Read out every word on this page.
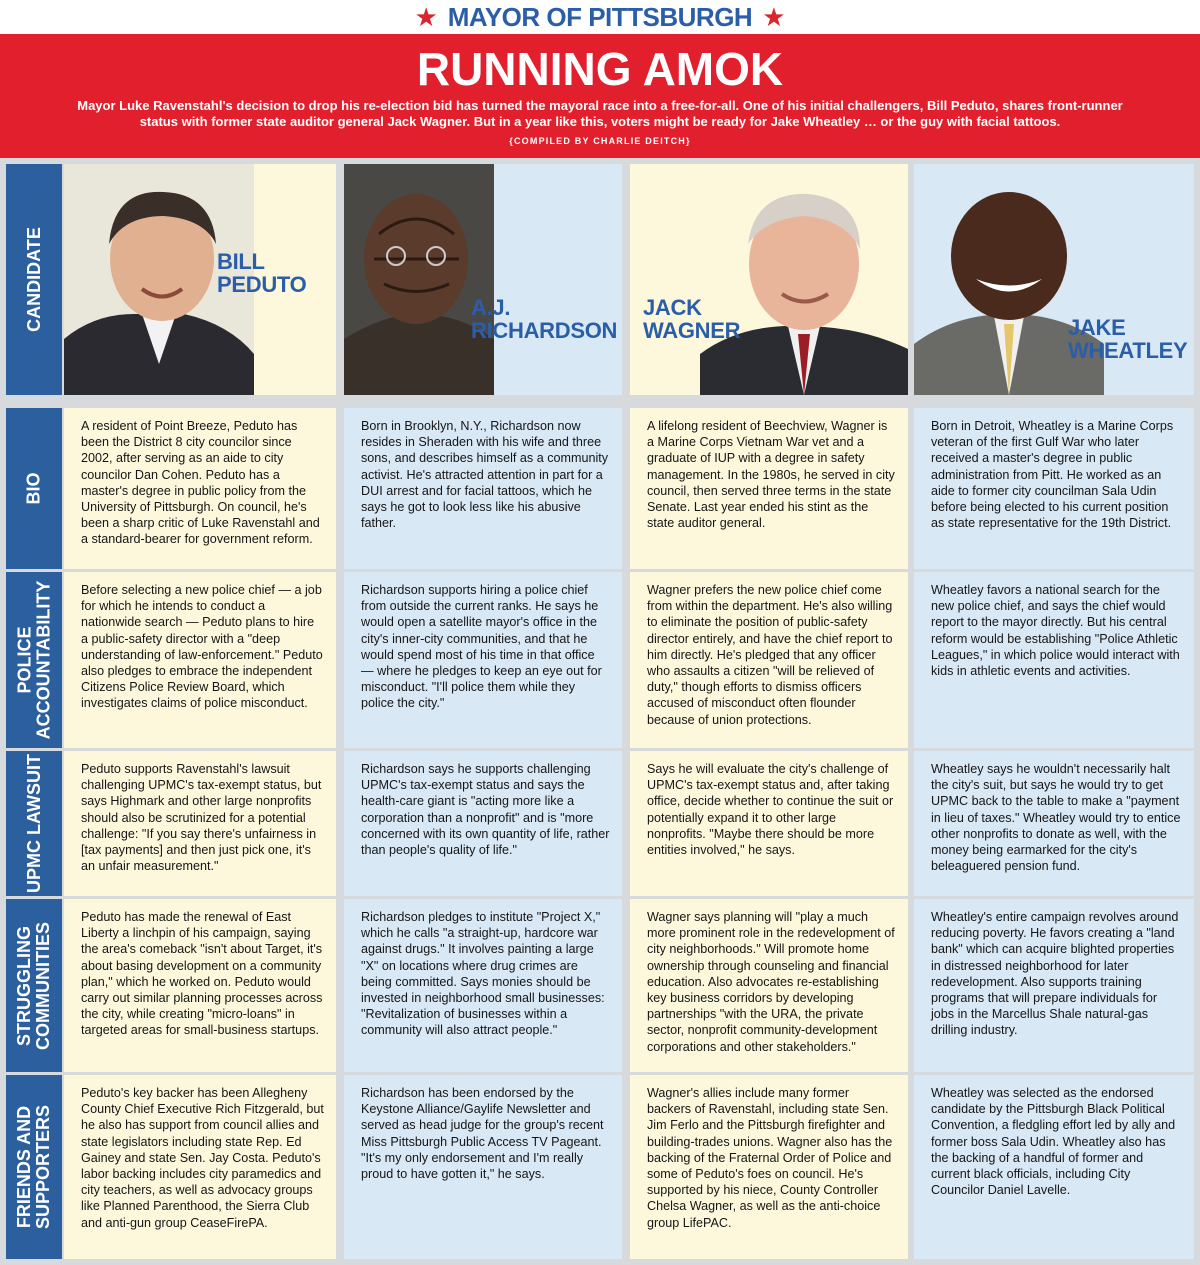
★ MAYOR OF PITTSBURGH ★
RUNNING AMOK
Mayor Luke Ravenstahl's decision to drop his re-election bid has turned the mayoral race into a free-for-all. One of his initial challengers, Bill Peduto, shares front-runner status with former state auditor general Jack Wagner. But in a year like this, voters might be ready for Jake Wheatley … or the guy with facial tattoos.
{COMPILED BY CHARLIE DEITCH}
CANDIDATE
BIO
POLICE ACCOUNTABILITY
UPMC LAWSUIT
STRUGGLING COMMUNITIES
FRIENDS AND SUPPORTERS
BILL
PEDUTO
A.J.
RICHARDSON
JACK
WAGNER	JAKE
WHEATLEY

A resident of Point Breeze, Peduto has been the District 8 city councilor since 2002, after serving as an aide to city councilor Dan Cohen. Peduto has a master's degree in public policy from the University of Pittsburgh. On council, he's been a sharp critic of Luke Ravenstahl and a standard-bearer for government reform.

Born in Brooklyn, N.Y., Richardson now resides in Sheraden with his wife and three sons, and describes himself as a community activist. He's attracted attention in part for a DUI arrest and for facial tattoos, which he says he got to look less like his abusive father.

A lifelong resident of Beechview, Wagner is a Marine Corps Vietnam War vet and a graduate of IUP with a degree in safety management. In the 1980s, he served in city council, then served three terms in the state Senate. Last year ended his stint as the state auditor general.

Born in Detroit, Wheatley is a Marine Corps veteran of the first Gulf War who later received a master's degree in public administration from Pitt. He worked as an aide to former city councilman Sala Udin before being elected to his current position as state representative for the 19th District.

Before selecting a new police chief — a job for which he intends to conduct a nationwide search — Peduto plans to hire a public-safety director with a "deep understanding of law-enforcement." Peduto also pledges to embrace the independent Citizens Police Review Board, which investigates claims of police misconduct.

Richardson supports hiring a police chief from outside the current ranks. He says he would open a satellite mayor's office in the city's inner-city communities, and that he would spend most of his time in that office — where he pledges to keep an eye out for misconduct. "I'll police them while they police the city."

Wagner prefers the new police chief come from within the department. He's also willing to eliminate the position of public-safety director entirely, and have the chief report to him directly. He's pledged that any officer who assaults a citizen "will be relieved of duty," though efforts to dismiss officers accused of misconduct often flounder because of union protections.

Wheatley favors a national search for the new police chief, and says the chief would report to the mayor directly. But his central reform would be establishing "Police Athletic Leagues," in which police would interact with kids in athletic events and activities.

Peduto supports Ravenstahl's lawsuit challenging UPMC's tax-exempt status, but says Highmark and other large nonprofits should also be scrutinized for a potential challenge: "If you say there's unfairness in [tax payments] and then just pick one, it's an unfair measurement."

Richardson says he supports challenging UPMC's tax-exempt status and says the health-care giant is "acting more like a corporation than a nonprofit" and is "more concerned with its own quantity of life, rather than people's quality of life."

Says he will evaluate the city's challenge of UPMC's tax-exempt status and, after taking office, decide whether to continue the suit or potentially expand it to other large nonprofits. "Maybe there should be more entities involved," he says.

Wheatley says he wouldn't necessarily halt the city's suit, but says he would try to get UPMC back to the table to make a "payment in lieu of taxes." Wheatley would try to entice other nonprofits to donate as well, with the money being earmarked for the city's beleaguered pension fund.

Peduto has made the renewal of East Liberty a linchpin of his campaign, saying the area's comeback "isn't about Target, it's about basing development on a community plan," which he worked on. Peduto would carry out similar planning processes across the city, while creating "micro-loans" in targeted areas for small-business startups.

Richardson pledges to institute "Project X," which he calls "a straight-up, hardcore war against drugs." It involves painting a large "X" on locations where drug crimes are being committed. Says monies should be invested in neighborhood small businesses: "Revitalization of businesses within a community will also attract people."

Wagner says planning will "play a much more prominent role in the redevelopment of city neighborhoods." Will promote home ownership through counseling and financial education. Also advocates re-establishing key business corridors by developing partnerships "with the URA, the private sector, nonprofit community-development corporations and other stakeholders."

Wheatley's entire campaign revolves around reducing poverty. He favors creating a "land bank" which can acquire blighted properties in distressed neighborhood for later redevelopment. Also supports training programs that will prepare individuals for jobs in the Marcellus Shale natural-gas drilling industry.

Peduto's key backer has been Allegheny County Chief Executive Rich Fitzgerald, but he also has support from council allies and state legislators including state Rep. Ed Gainey and state Sen. Jay Costa. Peduto's labor backing includes city paramedics and city teachers, as well as advocacy groups like Planned Parenthood, the Sierra Club and anti-gun group CeaseFirePA.

Richardson has been endorsed by the Keystone Alliance/Gaylife Newsletter and served as head judge for the group's recent Miss Pittsburgh Public Access TV Pageant. "It's my only endorsement and I'm really proud to have gotten it," he says.

Wagner's allies include many former backers of Ravenstahl, including state Sen. Jim Ferlo and the Pittsburgh firefighter and building-trades unions. Wagner also has the backing of the Fraternal Order of Police and some of Peduto's foes on council. He's supported by his niece, County Controller Chelsa Wagner, as well as the anti-choice group LifePAC.

Wheatley was selected as the endorsed candidate by the Pittsburgh Black Political Convention, a fledgling effort led by ally and former boss Sala Udin. Wheatley also has the backing of a handful of former and current black officials, including City Councilor Daniel Lavelle.
